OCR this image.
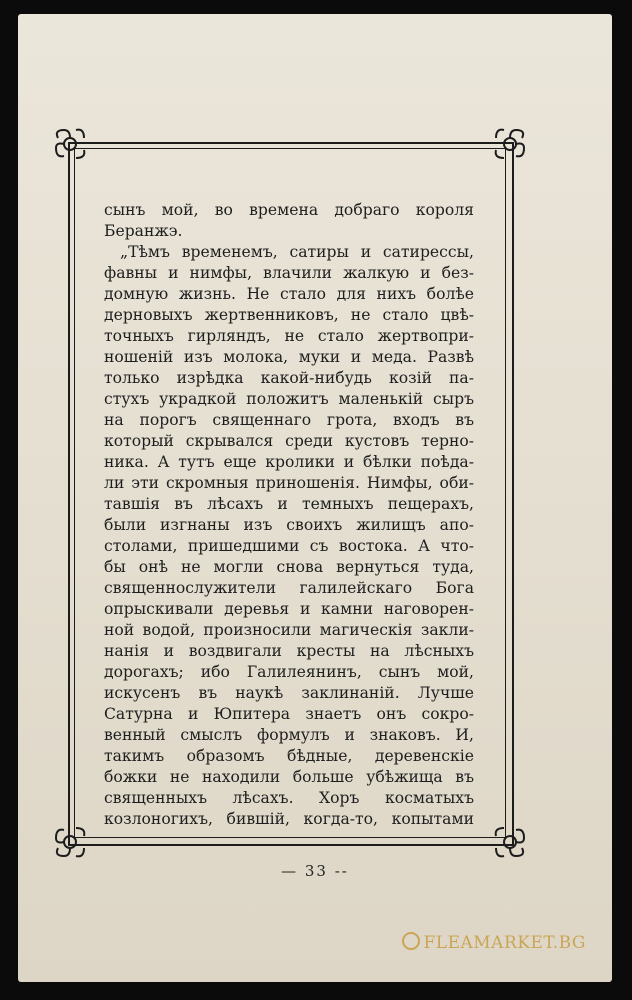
сынъ мой, во времена добраго короля
Беранжэ.
„Тѣмъ временемъ, сатиры и сатирессы,
фавны и нимфы, влачили жалкую и без-
домную жизнь. Не стало для нихъ болѣе
дерновыхъ жертвенниковъ, не стало цвѣ-
точныхъ гирляндъ, не стало жертвопри-
ношеній изъ молока, муки и меда. Развѣ
только изрѣдка какой-нибудь козій па-
стухъ украдкой положитъ маленькій сыръ
на порогъ священнаго грота, входъ въ
который скрывался среди кустовъ терно-
ника. А тутъ еще кролики и бѣлки поѣда-
ли эти скромныя приношенія. Нимфы, оби-
тавшія въ лѣсахъ и темныхъ пещерахъ,
были изгнаны изъ своихъ жилищъ апо-
столами, пришедшими съ востока. А что-
бы онѣ не могли снова вернуться туда,
священнослужители галилейскаго Бога
опрыскивали деревья и камни наговорен-
ной водой, произносили магическія закли-
нанія и воздвигали кресты на лѣсныхъ
дорогахъ; ибо Галилеянинъ, сынъ мой,
искусенъ въ наукѣ заклинаній. Лучше
Сатурна и Юпитера знаетъ онъ сокро-
венный смыслъ формулъ и знаковъ. И,
такимъ образомъ бѣдные, деревенскіе
божки не находили больше убѣжища въ
священныхъ лѣсахъ. Хоръ косматыхъ
козлоногихъ, бившій, когда-то, копытами
— 33 --
FLEAMARKET.BG
